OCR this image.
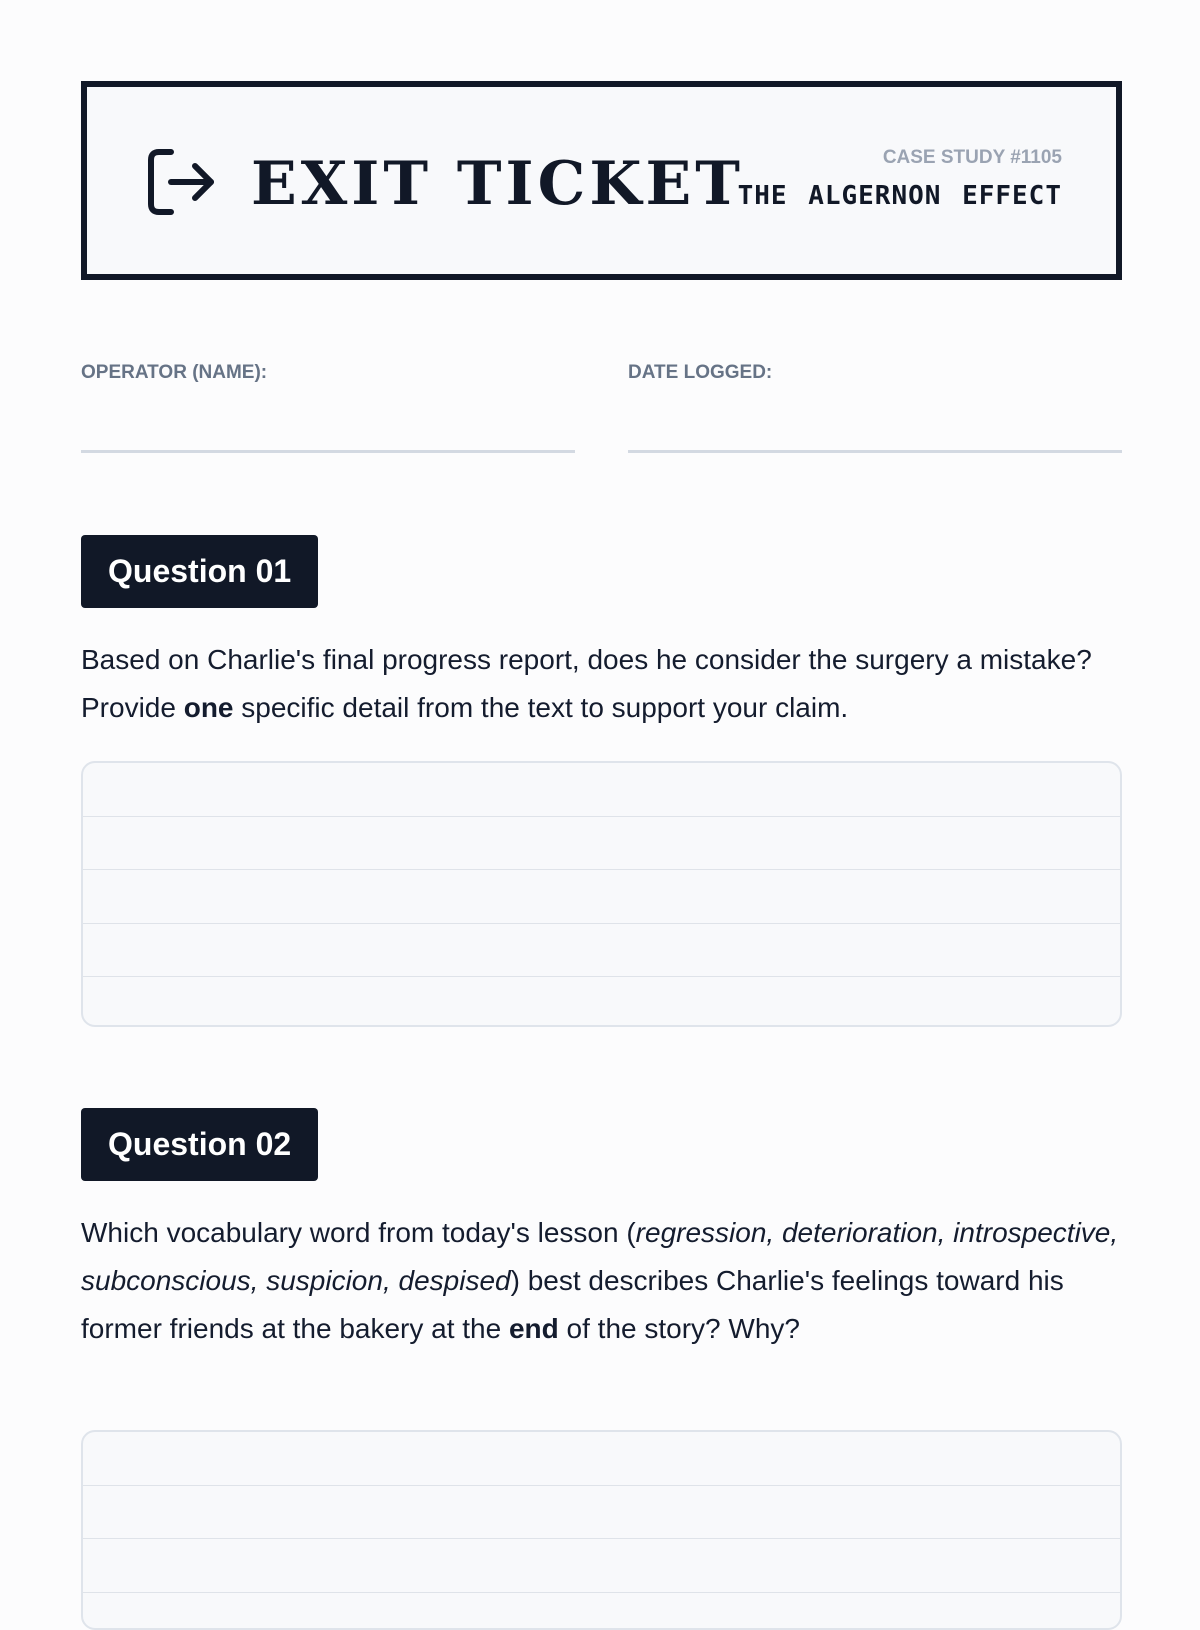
EXIT TICKET	CASE STUDY #1105
THE ALGERNON EFFECT
OPERATOR (NAME):	DATE LOGGED:
Question 01
Based on Charlie's final progress report, does he consider the surgery a mistake? Provide one specific detail from the text to support your claim.
Question 02
Which vocabulary word from today's lesson (regression, deterioration, introspective, subconscious, suspicion, despised) best describes Charlie's feelings toward his former friends at the bakery at the end of the story? Why?
